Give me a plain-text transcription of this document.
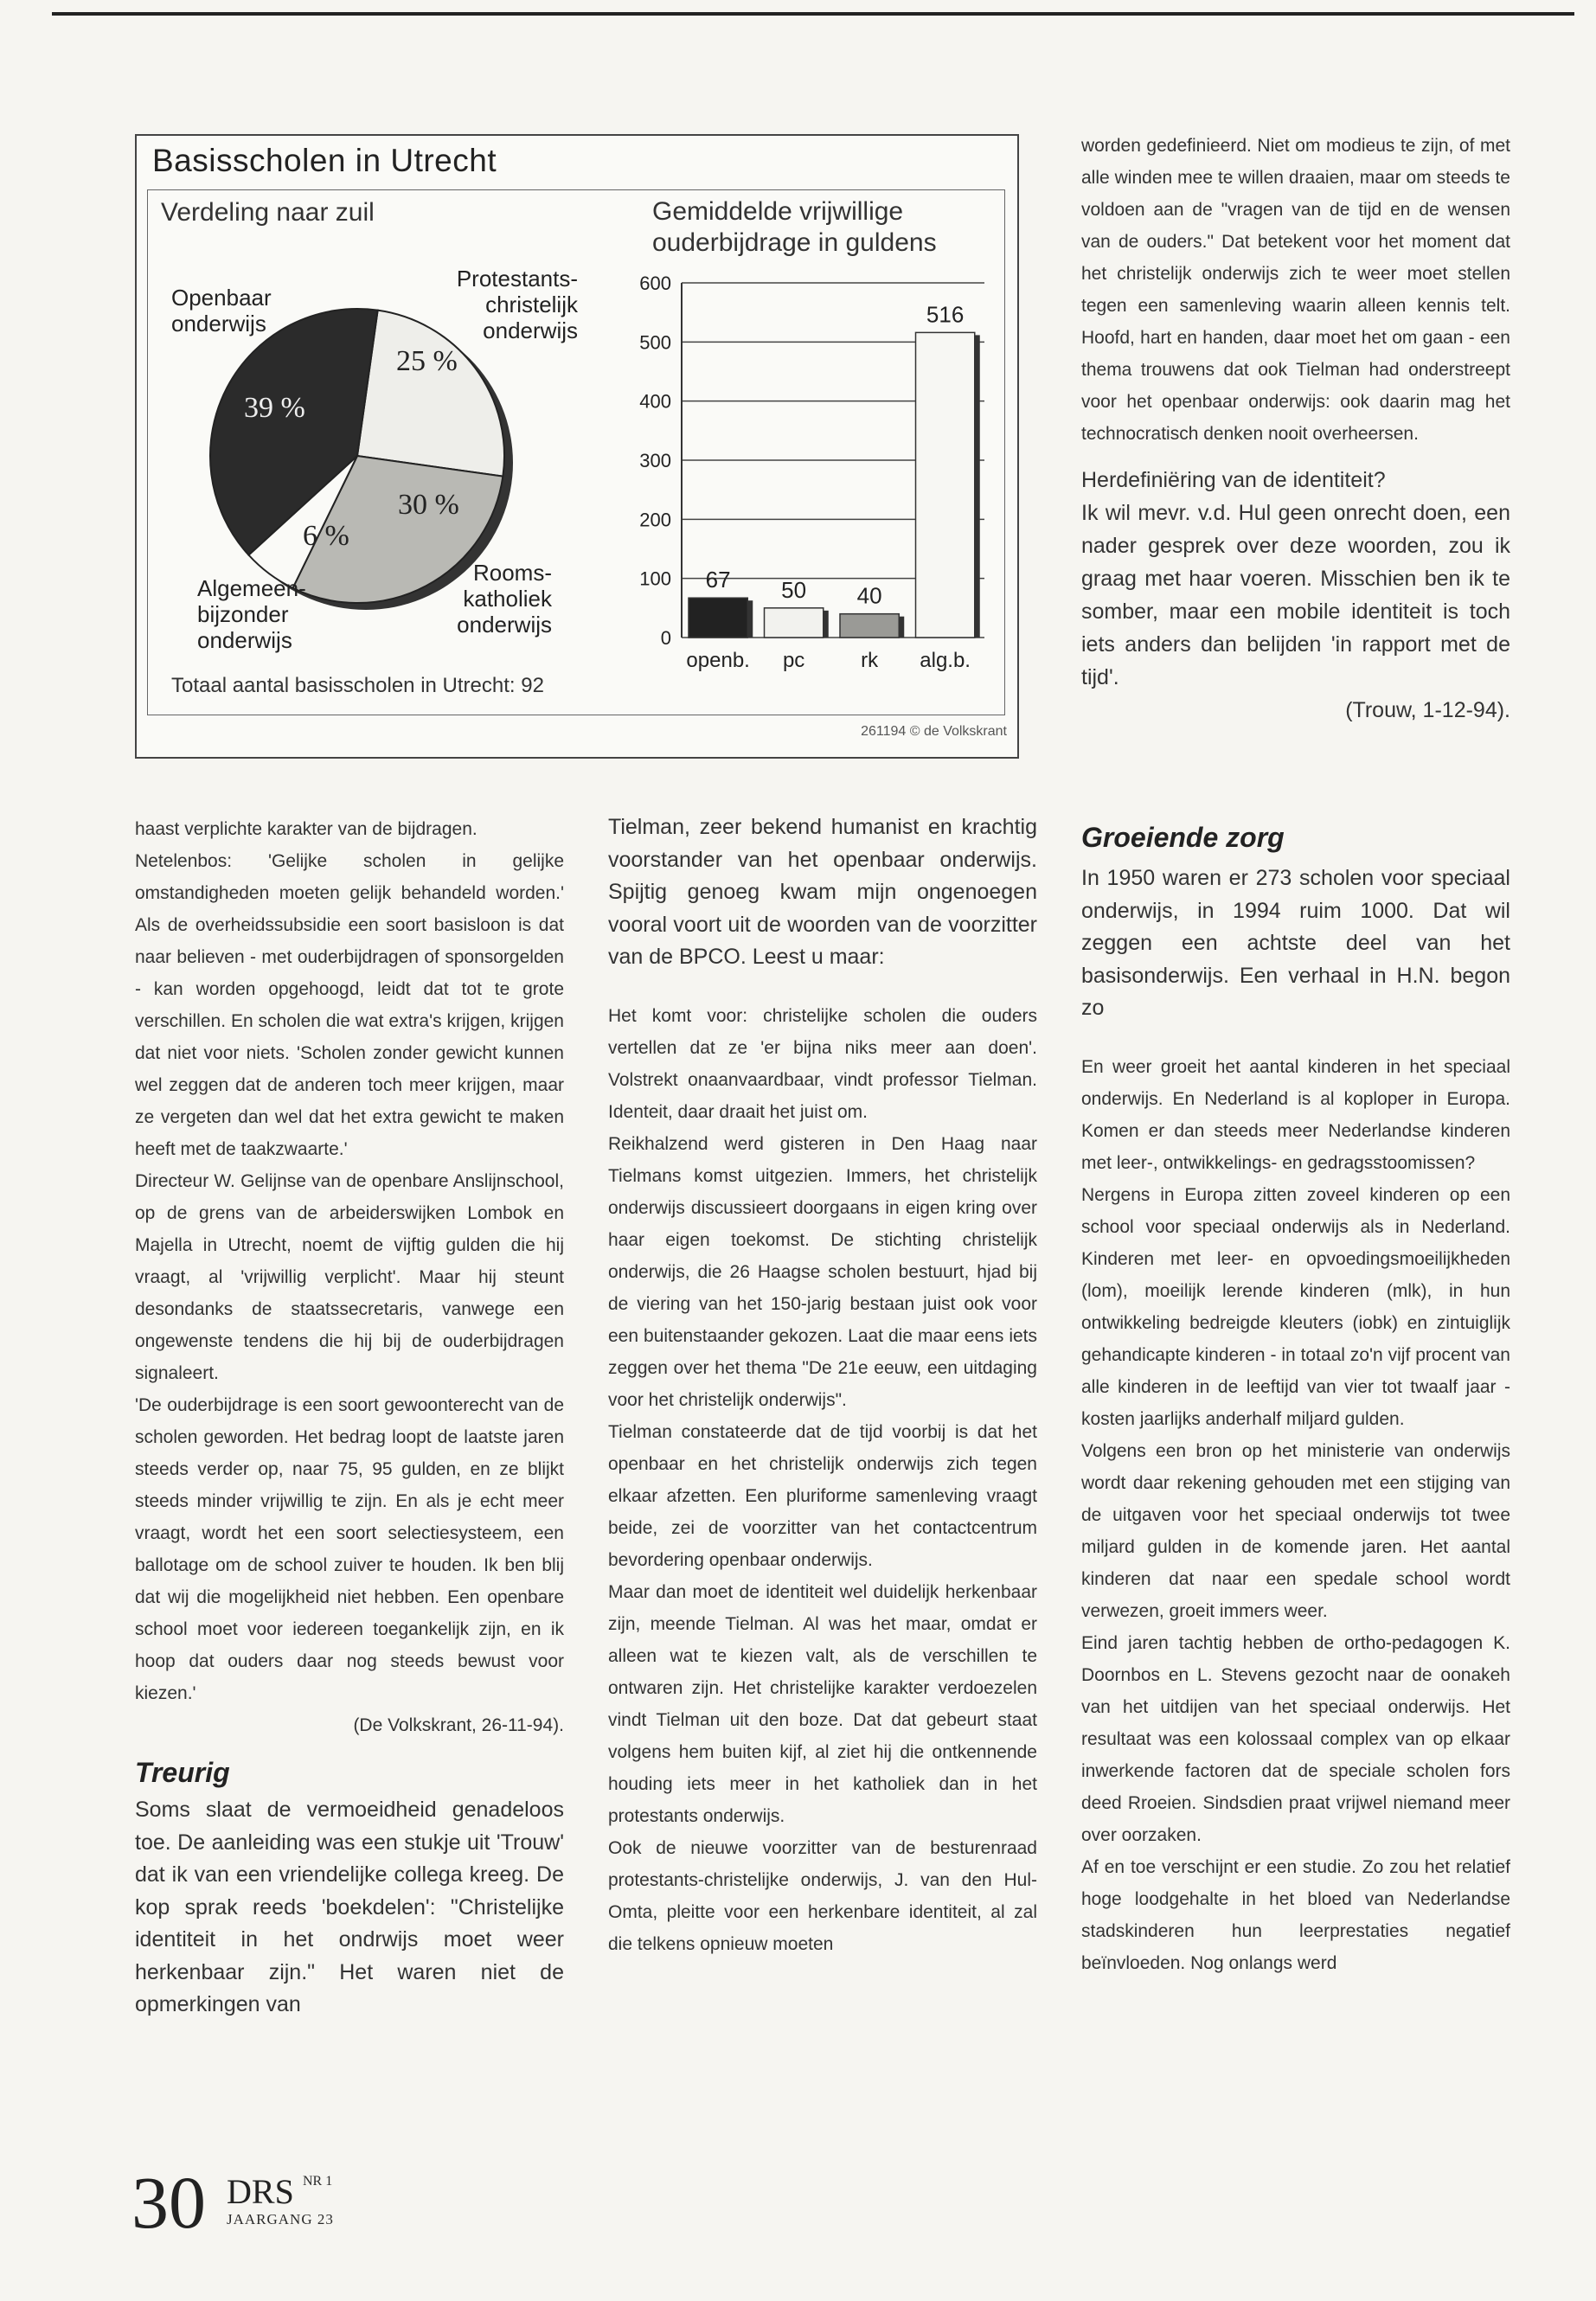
Basisscholen in Utrecht
Verdeling naar zuil	Gemiddelde vrijwillige
ouderbijdrage in guldens
Openbaar
onderwijs
Protestants-
christelijk
onderwijs
Rooms-
katholiek
onderwijs
Algemeen-
bijzonder
onderwijs
39 %
25 %
30 %
6 %
0
100
200
300
400
500
600
67
openb.
50
pc
40
rk
516
alg.b.
Totaal aantal basisscholen in Utrecht: 92
261194 © de Volkskrant

worden gedefinieerd. Niet om modieus te zijn, of met alle winden mee te willen draaien, maar om steeds te voldoen aan de "vragen van de tijd en de wensen van de ouders." Dat betekent voor het moment dat het christelijk onderwijs zich te weer moet stellen tegen een samenleving waarin alleen kennis telt. Hoofd, hart en handen, daar moet het om gaan - een thema trouwens dat ook Tielman had onderstreept voor het openbaar onderwijs: ook daarin mag het technocratisch denken nooit overheersen.

Herdefiniëring van de identiteit?

Ik wil mevr. v.d. Hul geen onrecht doen, een nader gesprek over deze woorden, zou ik graag met haar voeren. Misschien ben ik te somber, maar een mobile identiteit is toch iets anders dan belijden 'in rapport met de tijd'.

(Trouw, 1-12-94).

haast verplichte karakter van de bijdragen.

Netelenbos: 'Gelijke scholen in gelijke omstandigheden moeten gelijk behandeld worden.' Als de overheidssubsidie een soort basisloon is dat naar believen - met ouderbijdragen of sponsorgelden - kan worden opgehoogd, leidt dat tot te grote verschillen. En scholen die wat extra's krijgen, krijgen dat niet voor niets. 'Scholen zonder gewicht kunnen wel zeggen dat de anderen toch meer krijgen, maar ze vergeten dan wel dat het extra gewicht te maken heeft met de taakzwaarte.'

Directeur W. Gelijnse van de openbare Anslijnschool, op de grens van de arbeiderswijken Lombok en Majella in Utrecht, noemt de vijftig gulden die hij vraagt, al 'vrijwillig verplicht'. Maar hij steunt desondanks de staatssecretaris, vanwege een ongewenste tendens die hij bij de ouderbijdragen signaleert.

'De ouderbijdrage is een soort gewoonterecht van de scholen geworden. Het bedrag loopt de laatste jaren steeds verder op, naar 75, 95 gulden, en ze blijkt steeds minder vrijwillig te zijn. En als je echt meer vraagt, wordt het een soort selectiesysteem, een ballotage om de school zuiver te houden. Ik ben blij dat wij die mogelijkheid niet hebben. Een openbare school moet voor iedereen toegankelijk zijn, en ik hoop dat ouders daar nog steeds bewust voor kiezen.'

(De Volkskrant, 26-11-94).

Treurig

Soms slaat de vermoeidheid genadeloos toe. De aanleiding was een stukje uit 'Trouw' dat ik van een vriendelijke collega kreeg. De kop sprak reeds 'boekdelen': "Christelijke identiteit in het ondrwijs moet weer herkenbaar zijn." Het waren niet de opmerkingen van

Tielman, zeer bekend humanist en krachtig voorstander van het openbaar onderwijs. Spijtig genoeg kwam mijn ongenoegen vooral voort uit de woorden van de voorzitter van de BPCO. Leest u maar:

Het komt voor: christelijke scholen die ouders vertellen dat ze 'er bijna niks meer aan doen'. Volstrekt onaanvaardbaar, vindt professor Tielman. Identeit, daar draait het juist om.

Reikhalzend werd gisteren in Den Haag naar Tielmans komst uitgezien. Immers, het christelijk onderwijs discussieert doorgaans in eigen kring over haar eigen toekomst. De stichting christelijk onderwijs, die 26 Haagse scholen bestuurt, hjad bij de viering van het 150-jarig bestaan juist ook voor een buitenstaander gekozen. Laat die maar eens iets zeggen over het thema "De 21e eeuw, een uitdaging voor het christelijk onderwijs".

Tielman constateerde dat de tijd voorbij is dat het openbaar en het christelijk onderwijs zich tegen elkaar afzetten. Een pluriforme samenleving vraagt beide, zei de voorzitter van het contactcentrum bevordering openbaar onderwijs.

Maar dan moet de identiteit wel duidelijk herkenbaar zijn, meende Tielman. Al was het maar, omdat er alleen wat te kiezen valt, als de verschillen te ontwaren zijn. Het christelijke karakter verdoezelen vindt Tielman uit den boze. Dat dat gebeurt staat volgens hem buiten kijf, al ziet hij die ontkennende houding iets meer in het katholiek dan in het protestants onderwijs.

Ook de nieuwe voorzitter van de besturenraad protestants-christelijke onderwijs, J. van den Hul-Omta, pleitte voor een herkenbare identiteit, al zal die telkens opnieuw moeten

Groeiende zorg

In 1950 waren er 273 scholen voor speciaal onderwijs, in 1994 ruim 1000. Dat wil zeggen een achtste deel van het basisonderwijs. Een verhaal in H.N. begon zo

En weer groeit het aantal kinderen in het speciaal onderwijs. En Nederland is al koploper in Europa. Komen er dan steeds meer Nederlandse kinderen met leer-, ontwikkelings- en gedragsstoomissen?

Nergens in Europa zitten zoveel kinderen op een school voor speciaal onderwijs als in Nederland. Kinderen met leer- en opvoedingsmoeilijkheden (lom), moeilijk lerende kinderen (mlk), in hun ontwikkeling bedreigde kleuters (iobk) en zintuiglijk gehandicapte kinderen - in totaal zo'n vijf procent van alle kinderen in de leeftijd van vier tot twaalf jaar - kosten jaarlijks anderhalf miljard gulden.

Volgens een bron op het ministerie van onderwijs wordt daar rekening gehouden met een stijging van de uitgaven voor het speciaal onderwijs tot twee miljard gulden in de komende jaren. Het aantal kinderen dat naar een spedale school wordt verwezen, groeit immers weer.

Eind jaren tachtig hebben de ortho-pedagogen K. Doornbos en L. Stevens gezocht naar de oonakeh van het uitdijen van het speciaal onderwijs. Het resultaat was een kolossaal complex van op elkaar inwerkende factoren dat de speciale scholen fors deed Rroeien. Sindsdien praat vrijwel niemand meer over oorzaken.

Af en toe verschijnt er een studie. Zo zou het relatief hoge loodgehalte in het bloed van Nederlandse stadskinderen hun leerprestaties negatief beïnvloeden. Nog onlangs werd

30 DRS NR 1
JAARGANG 23
